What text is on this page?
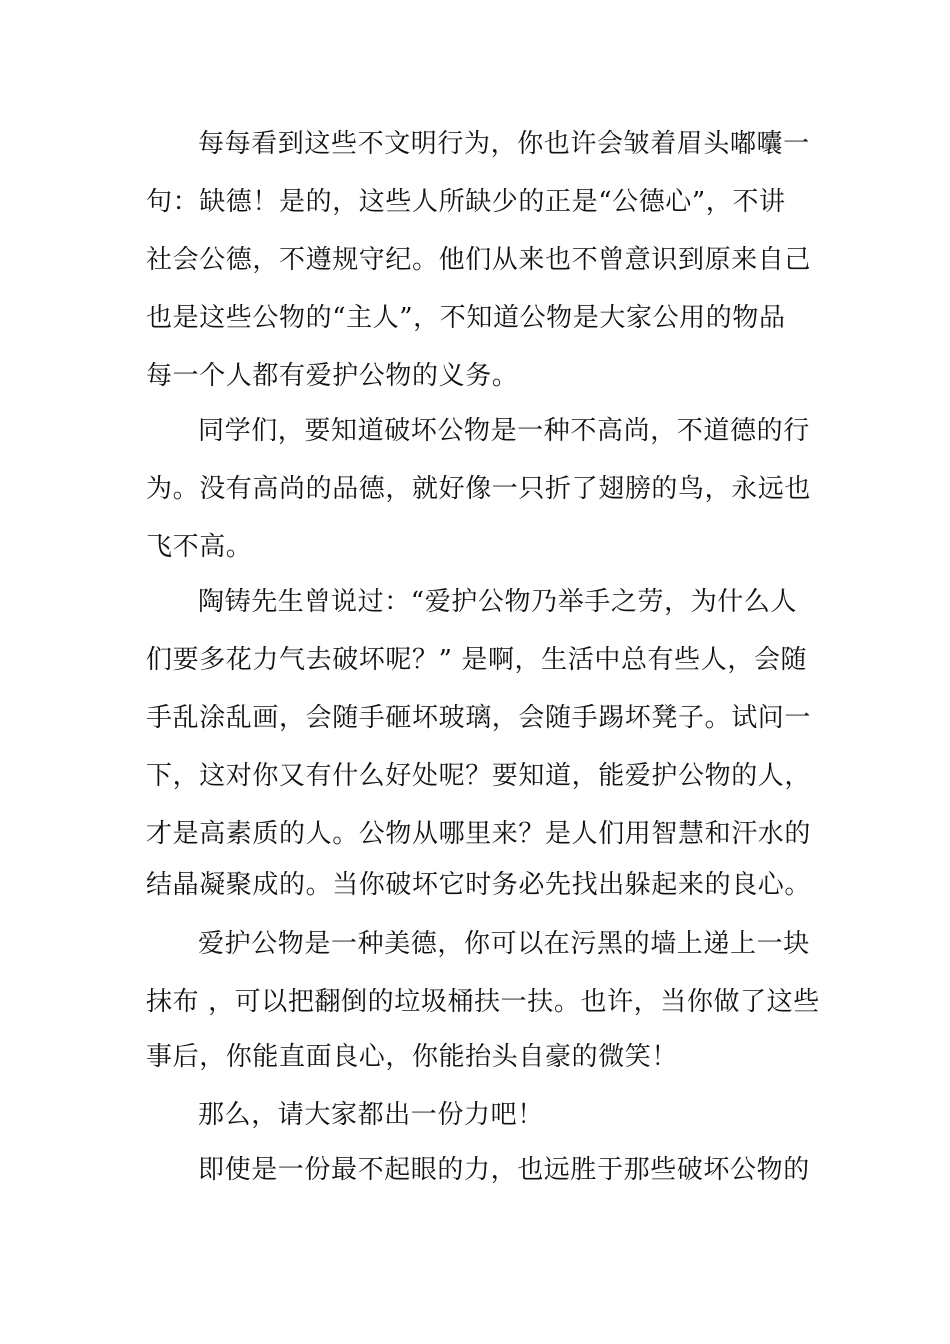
每每看到这些不文明行为，你也许会皱着眉头嘟囔一
句：缺德！是的，这些人所缺少的正是“公德心”，不讲
社会公德，不遵规守纪。他们从来也不曾意识到原来自己
也是这些公物的“主人”，不知道公物是大家公用的物品
每一个人都有爱护公物的义务。
同学们，要知道破坏公物是一种不高尚，不道德的行
为。没有高尚的品德，就好像一只折了翅膀的鸟，永远也
飞不高。
陶铸先生曾说过：“爱护公物乃举手之劳，为什么人
们要多花力气去破坏呢？” 是啊，生活中总有些人，会随
手乱涂乱画，会随手砸坏玻璃，会随手踢坏凳子。试问一
下，这对你又有什么好处呢？要知道，能爱护公物的人，
才是高素质的人。公物从哪里来？是人们用智慧和汗水的
结晶凝聚成的。当你破坏它时务必先找出躲起来的良心。
爱护公物是一种美德，你可以在污黑的墙上递上一块
抹布 ，可以把翻倒的垃圾桶扶一扶。也许，当你做了这些
事后，你能直面良心，你能抬头自豪的微笑！
那么，请大家都出一份力吧！
即使是一份最不起眼的力，也远胜于那些破坏公物的
